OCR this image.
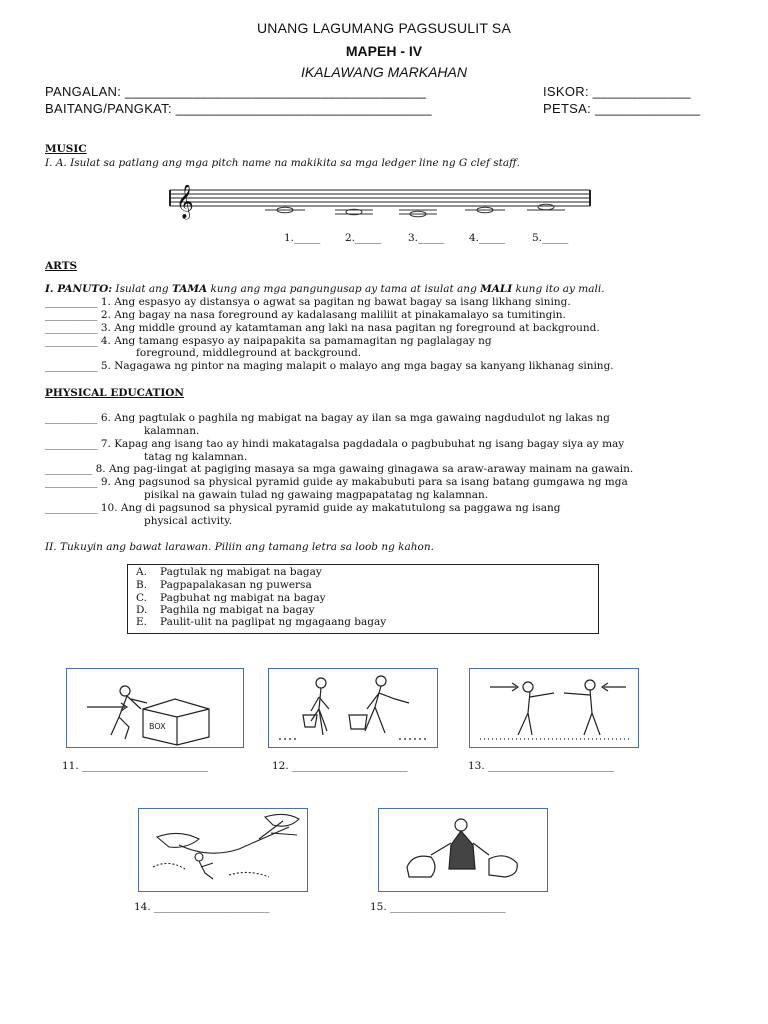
UNANG LAGUMANG PAGSUSULIT SA
MAPEH - IV
IKALAWANG MARKAHAN
PANGALAN: ________________________________________
BAITANG/PANGKAT: __________________________________
ISKOR: _____________
PETSA: ______________
MUSIC
I. A. Isulat sa patlang ang mga pitch name na makikita sa mga ledger line ng G clef staff.
𝄞
1._____ 2._____	3._____ 4._____	5._____
ARTS
I. PANUTO: Isulat ang TAMA kung ang mga pangungusap ay tama at isulat ang MALI kung ito ay mali.
__________ 1. Ang espasyo ay distansya o agwat sa pagitan ng bawat bagay sa isang likhang sining.
__________ 2. Ang bagay na nasa foreground ay kadalasang maliliit at pinakamalayo sa tumitingin.
__________ 3. Ang middle ground ay katamtaman ang laki na nasa pagitan ng foreground at background.
__________ 4. Ang tamang espasyo ay naipapakita sa pamamagitan ng paglalagay ng
foreground, middleground at background.
__________ 5. Nagagawa ng pintor na maging malapit o malayo ang mga bagay sa kanyang likhanag sining.
PHYSICAL EDUCATION
__________ 6. Ang pagtulak o paghila ng mabigat na bagay ay ilan sa mga gawaing nagdudulot ng lakas ng
kalamnan.
__________ 7. Kapag ang isang tao ay hindi makatagalsa pagdadala o pagbubuhat ng isang bagay siya ay may
tatag ng kalamnan.
_________ 8. Ang pag-iingat at pagiging masaya sa mga gawaing ginagawa sa araw-araway mainam na gawain.
__________ 9. Ang pagsunod sa physical pyramid guide ay makabubuti para sa isang batang gumgawa ng mga
pisikal na gawain tulad ng gawaing magpapatatag ng kalamnan.
__________ 10. Ang di pagsunod sa physical pyramid guide ay makatutulong sa paggawa ng isang
physical activity.
II. Tukuyin ang bawat larawan. Piliin ang tamang letra sa loob ng kahon.
A. Pagtulak ng mabigat na bagay
B. Pagpapalakasan ng puwersa
C. Pagbuhat ng mabigat na bagay
D. Paghila ng mabigat na bagay
E. Paulit-ulit na paglipat ng mgagaang bagay
BOX
11. ________________________	12. ______________________	13. ________________________
14. ______________________	15. ______________________
